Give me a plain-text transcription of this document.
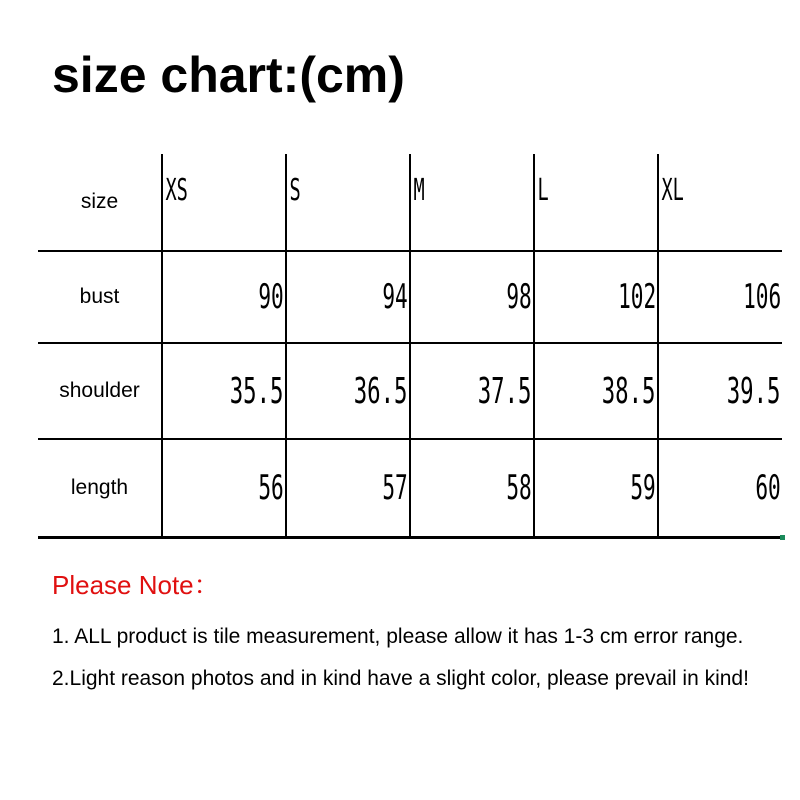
size chart:(cm)
size	XS	S	M	L	XL

bust	90	94	98	102	106
shoulder	35.5	36.5	37.5	38.5	39.5
length	56	57	58	59	60

Please Note：

1. ALL product is tile measurement, please allow it has 1-3 cm error range.

2.Light reason photos and in kind have a slight color, please prevail in kind!
